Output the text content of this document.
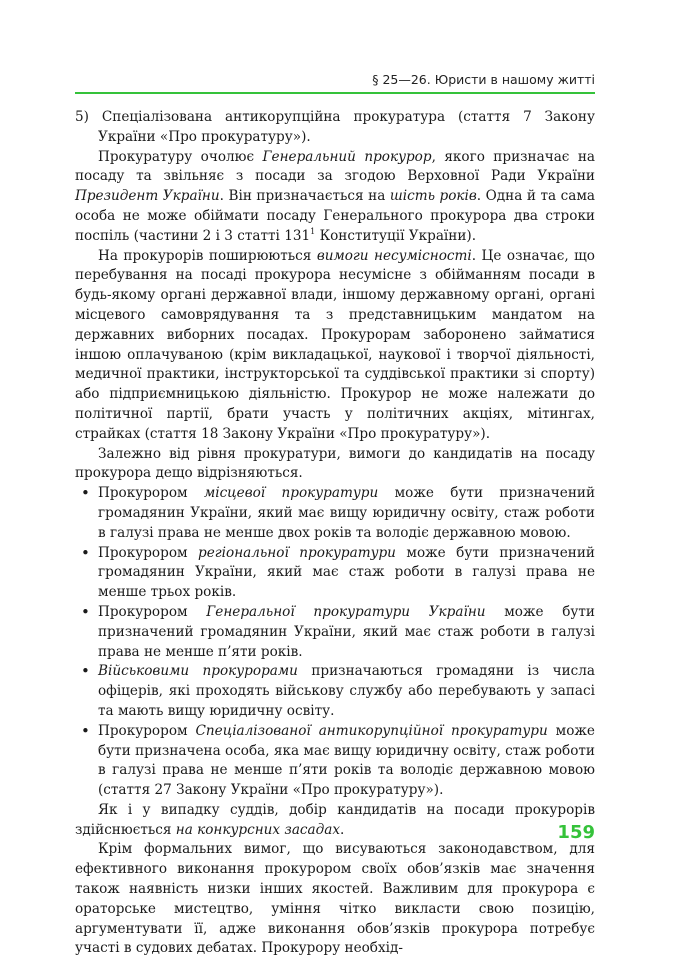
§ 25—26. Юристи в нашому житті

5) Спеціалізована антикорупційна прокуратура (стаття 7 Закону України «Про прокуратуру»).

Прокуратуру очолює Генеральний прокурор, якого призначає на посаду та звільняє з посади за згодою Верховної Ради України Президент України. Він призначається на шість років. Одна й та сама особа не може обіймати посаду Генерального прокурора два строки поспіль (частини 2 і 3 статті $131^1$ Конституції України).

На прокурорів поширюються вимоги несумісності. Це означає, що перебування на посаді прокурора несумісне з обійманням посади в будь-якому органі державної влади, іншому державному органі, органі місцевого самоврядування та з представницьким мандатом на державних виборних посадах. Прокурорам заборонено займатися іншою оплачуваною (крім викладацької, наукової і творчої діяльності, медичної практики, інструкторської та суддівської практики зі спорту) або підприємницькою діяльністю. Прокурор не може належати до політичної партії, брати участь у політичних акціях, мітингах, страйках (стаття 18 Закону України «Про прокуратуру»).

Залежно від рівня прокуратури, вимоги до кандидатів на посаду прокурора дещо відрізняються.

• Прокурором місцевої прокуратури може бути призначений громадянин України, який має вищу юридичну освіту, стаж роботи в галузі права не менше двох років та володіє державною мовою.
• Прокурором регіональної прокуратури може бути призначений громадянин України, який має стаж роботи в галузі права не менше трьох років.
• Прокурором Генеральної прокуратури України може бути призначений громадянин України, який має стаж роботи в галузі права не менше п’яти років.
• Військовими прокурорами призначаються громадяни із числа офіцерів, які проходять військову службу або перебувають у запасі та мають вищу юридичну освіту.
• Прокурором Спеціалізованої антикорупційної прокуратури може бути призначена особа, яка має вищу юридичну освіту, стаж роботи в галузі права не менше п’яти років та володіє державною мовою (стаття 27 Закону України «Про прокуратуру»).

Як і у випадку суддів, добір кандидатів на посади прокурорів здійснюється на конкурсних засадах.

Крім формальних вимог, що висуваються законодавством, для ефективного виконання прокурором своїх обов’язків має значення також наявність низки інших якостей. Важливим для прокурора є ораторське мистецтво, уміння чітко викласти свою позицію, аргументувати її, адже виконання обов’язків прокурора потребує участі в судових дебатах. Прокурору необхід-

159
